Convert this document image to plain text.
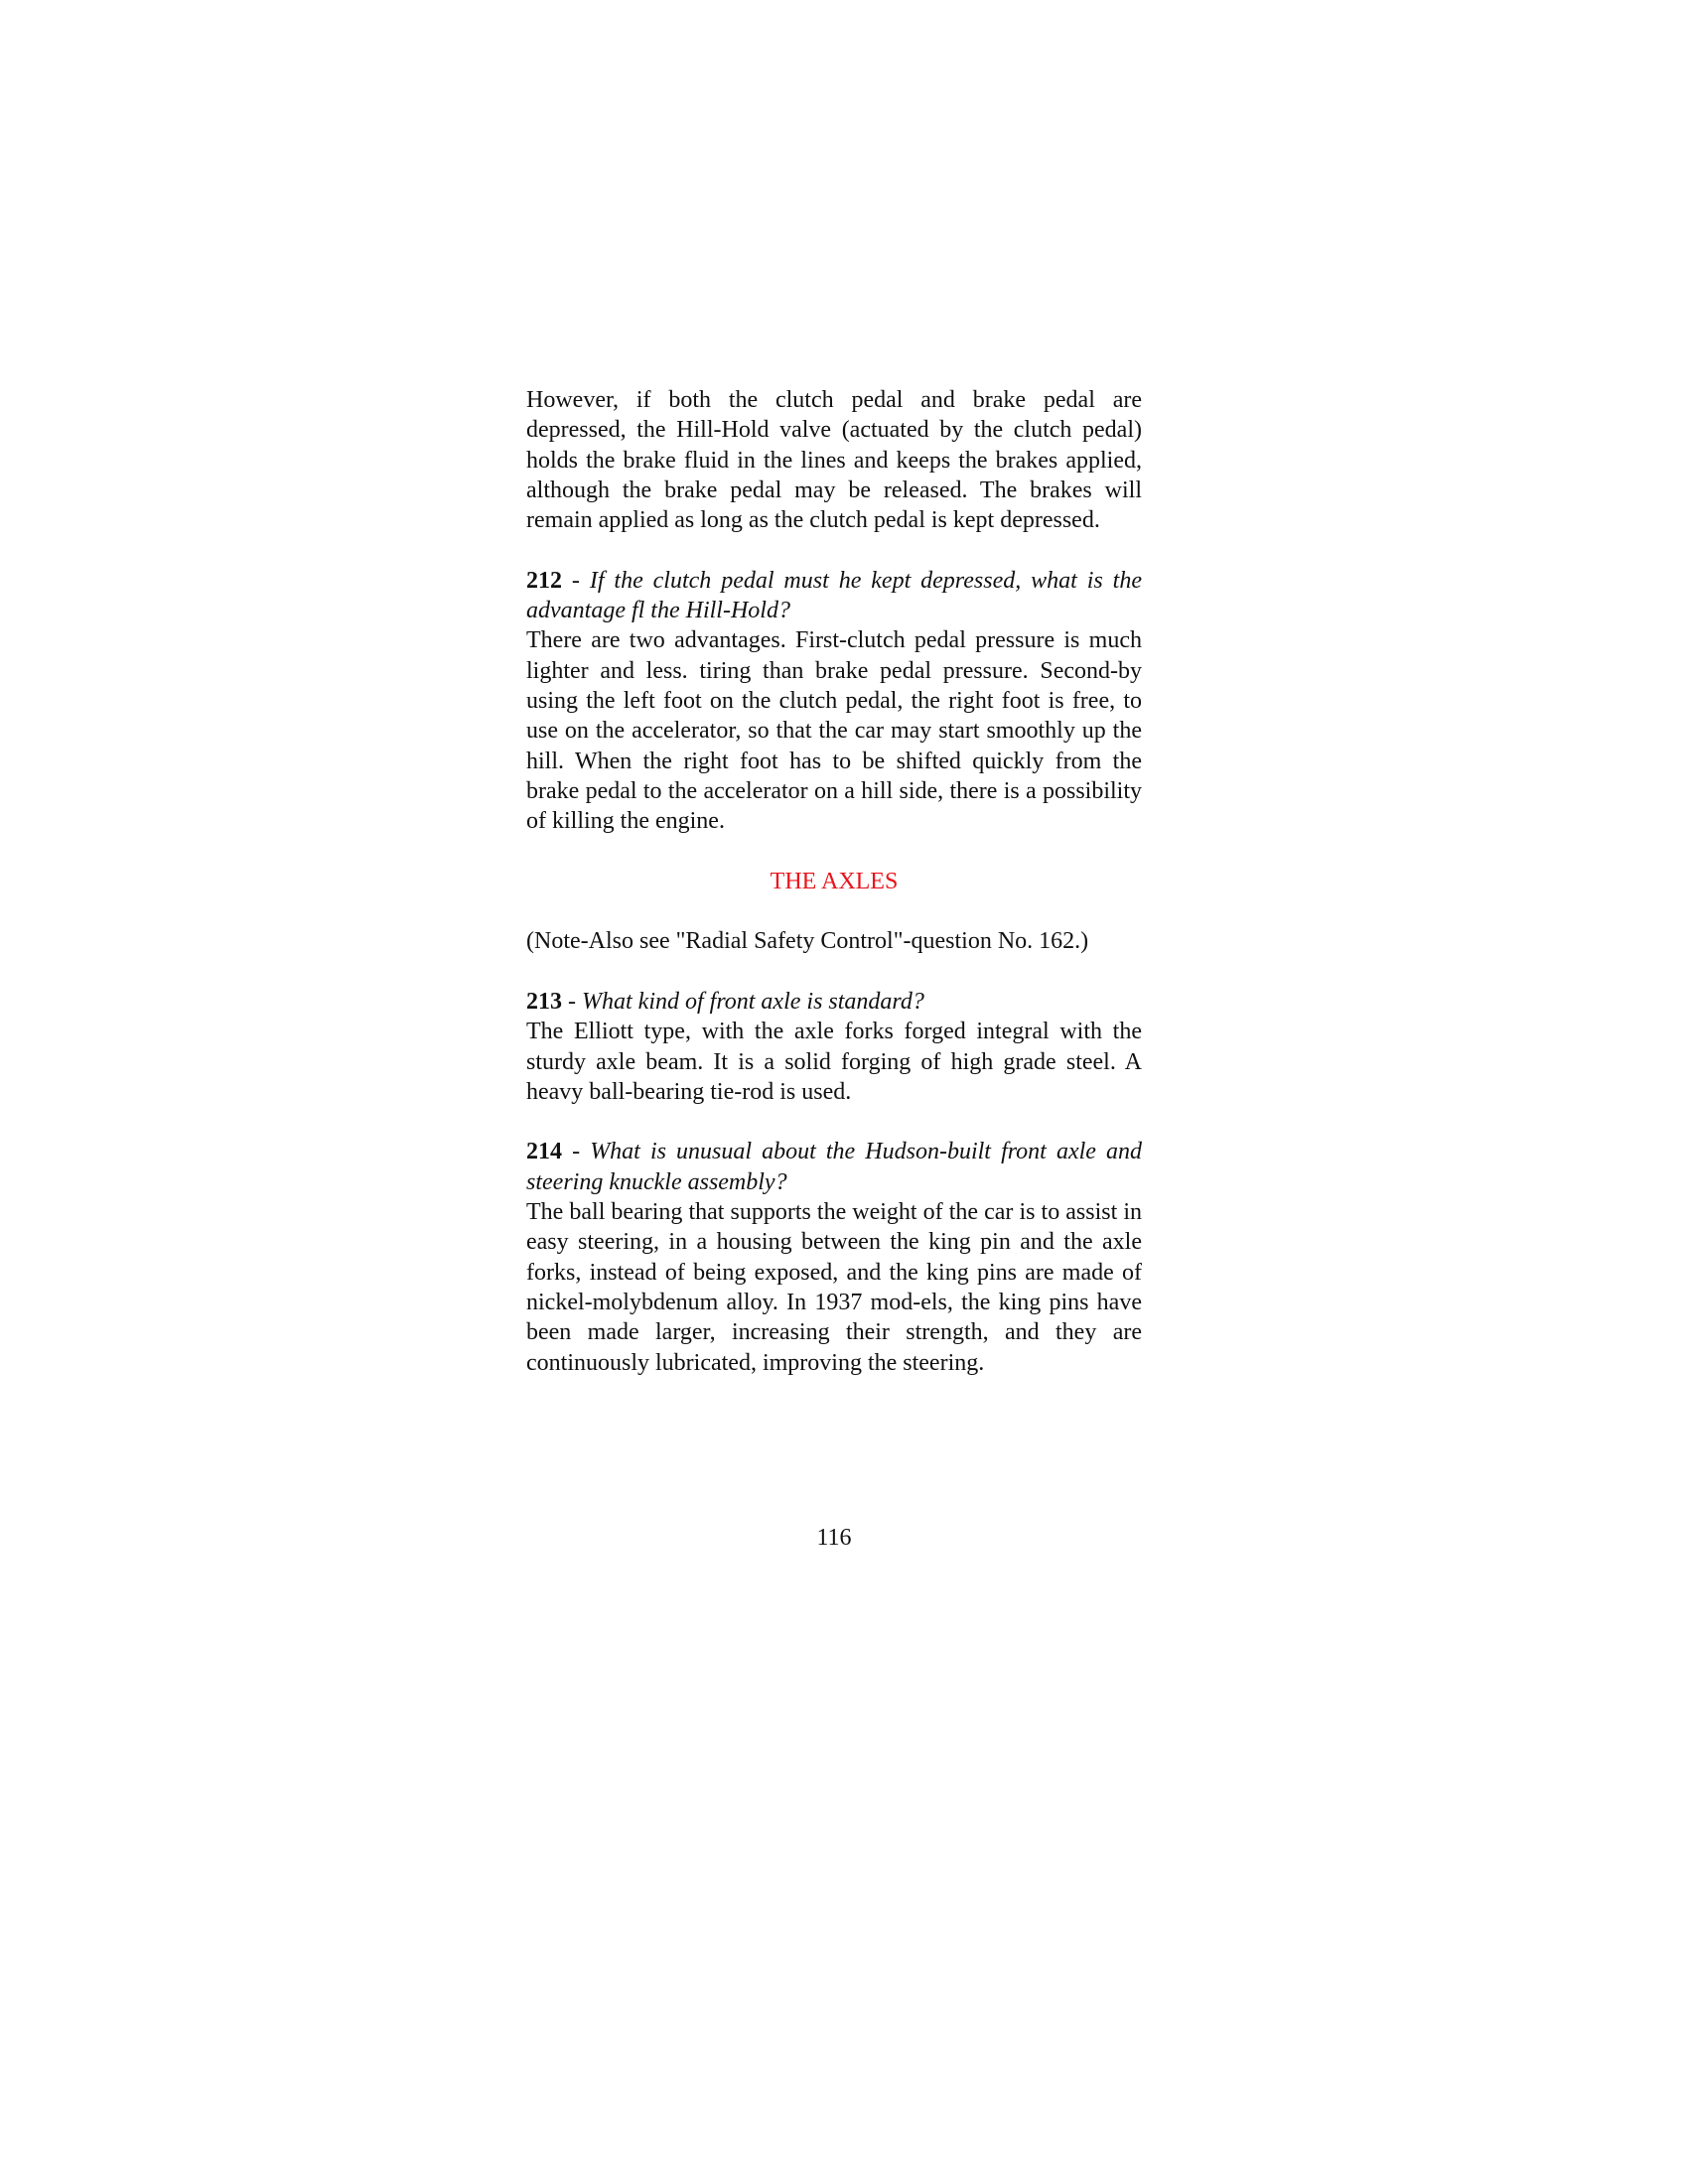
However, if both the clutch pedal and brake pedal are depressed, the Hill-Hold valve (actuated by the clutch pedal) holds the brake fluid in the lines and keeps the brakes applied, although the brake pedal may be released. The brakes will remain applied as long as the clutch pedal is kept depressed.

212 - If the clutch pedal must he kept depressed, what is the advantage fl the Hill-Hold?

There are two advantages. First-clutch pedal pressure is much lighter and less. tiring than brake pedal pressure. Second-by using the left foot on the clutch pedal, the right foot is free, to use on the accelerator, so that the car may start smoothly up the hill. When the right foot has to be shifted quickly from the brake pedal to the accelerator on a hill side, there is a possibility of killing the engine.

THE AXLES

(Note-Also see "Radial Safety Control"-question No. 162.)

213 - What kind of front axle is standard?

The Elliott type, with the axle forks forged integral with the sturdy axle beam. It is a solid forging of high grade steel. A heavy ball-bearing tie-rod is used.

214 - What is unusual about the Hudson-built front axle and steering knuckle assembly?

The ball bearing that supports the weight of the car is to assist in easy steering, in a housing between the king pin and the axle forks, instead of being exposed, and the king pins are made of nickel-molybdenum alloy. In 1937 mod-els, the king pins have been made larger, increasing their strength, and they are continuously lubricated, improving the steering.

116
